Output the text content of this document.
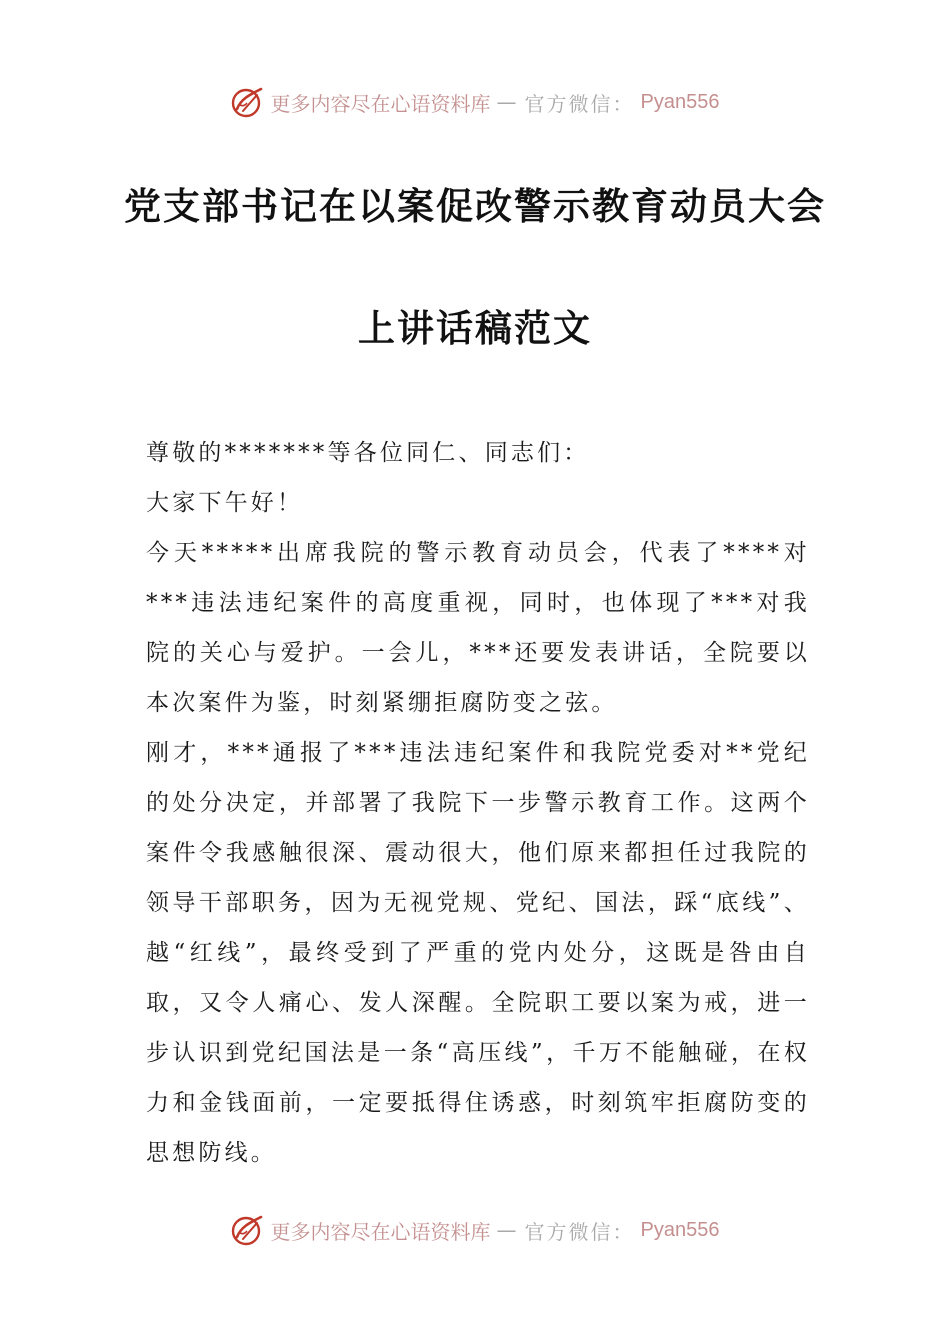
更多内容尽在心语资料库 — 官方微信： Pyan556
党支部书记在以案促改警示教育动员大会
上讲话稿范文

尊敬的*******等各位同仁、同志们：

大家下午好！

今天*****出席我院的警示教育动员会，代表了****对***违法违纪案件的高度重视，同时，也体现了***对我院的关心与爱护。一会儿，***还要发表讲话，全院要以本次案件为鉴，时刻紧绷拒腐防变之弦。

刚才，***通报了***违法违纪案件和我院党委对**党纪的处分决定，并部署了我院下一步警示教育工作。这两个案件令我感触很深、震动很大，他们原来都担任过我院的领导干部职务，因为无视党规、党纪、国法，踩“底线”、越“红线”，最终受到了严重的党内处分，这既是咎由自取，又令人痛心、发人深醒。全院职工要以案为戒，进一步认识到党纪国法是一条“高压线”，千万不能触碰，在权力和金钱面前，一定要抵得住诱惑，时刻筑牢拒腐防变的思想防线。

更多内容尽在心语资料库 — 官方微信： Pyan556
